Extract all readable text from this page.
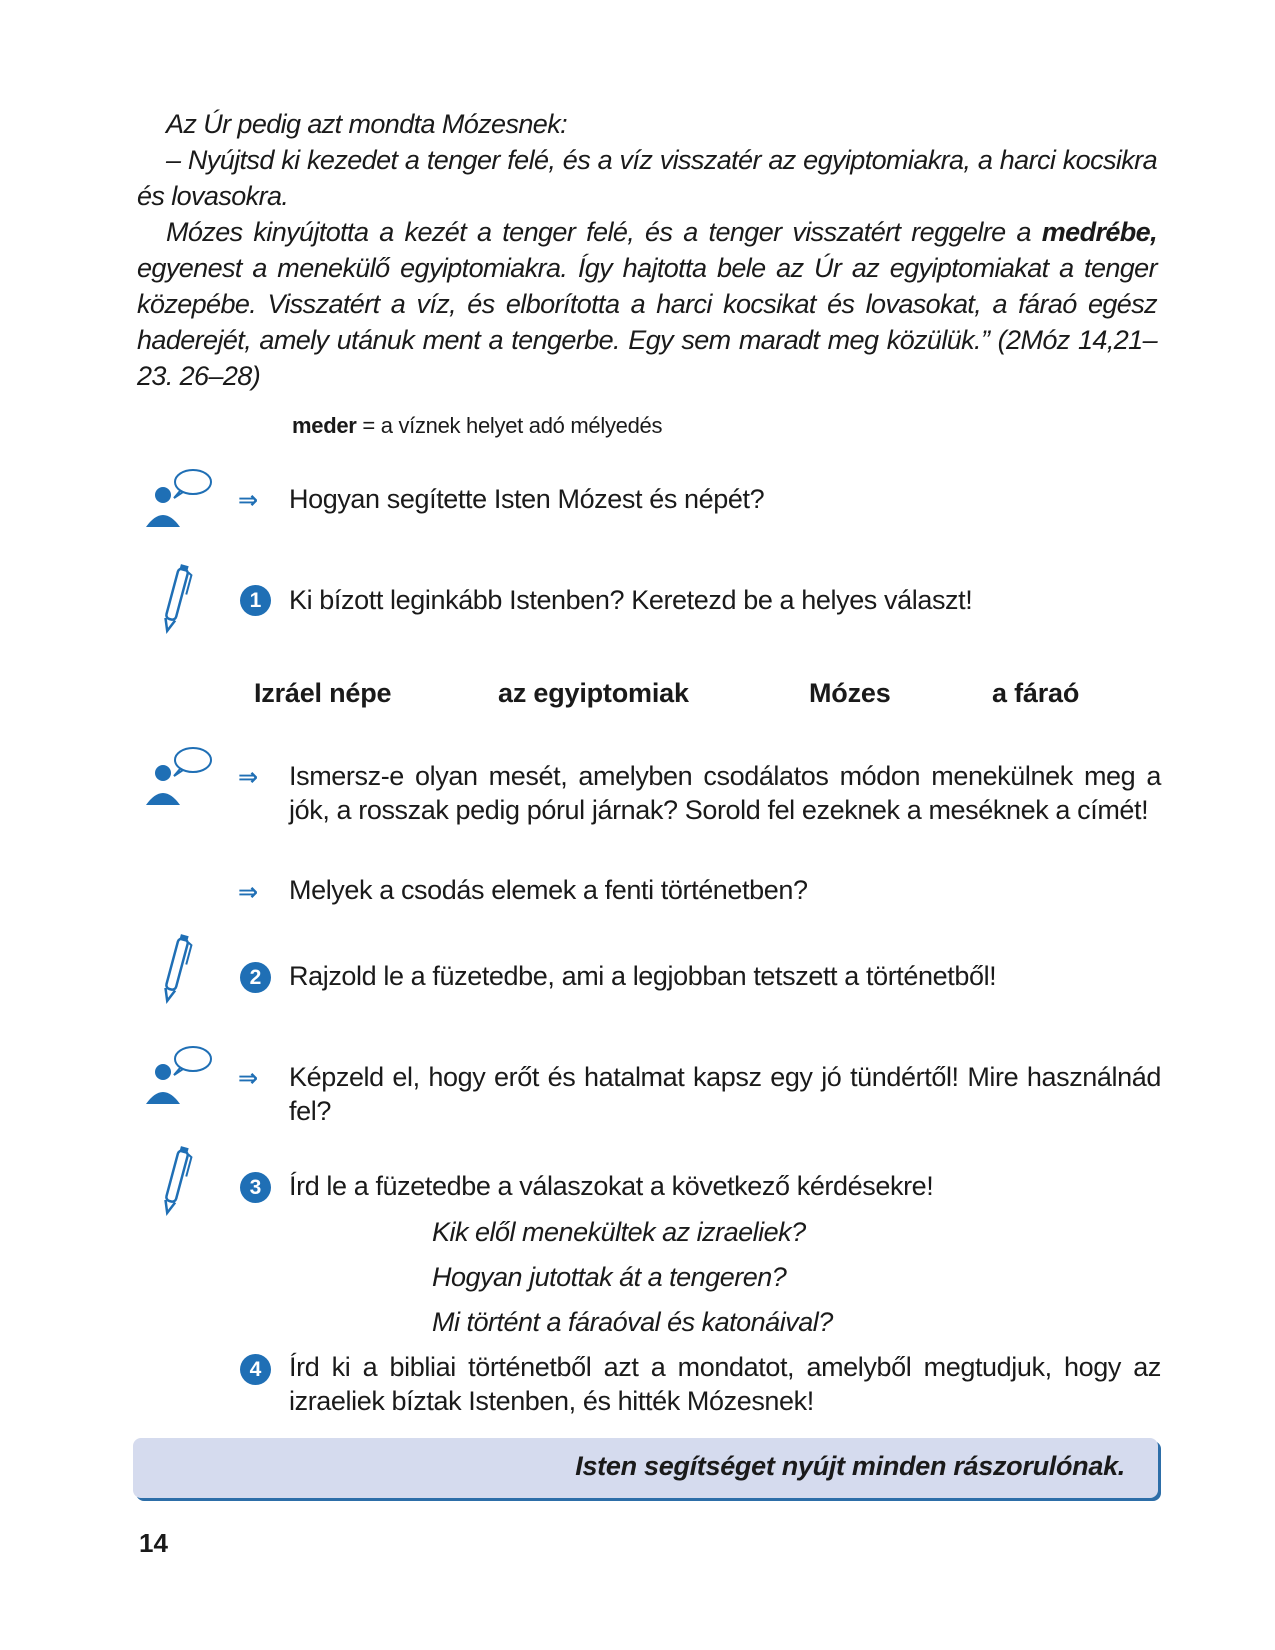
Az Úr pedig azt mondta Mózesnek:

– Nyújtsd ki kezedet a tenger felé, és a víz visszatér az egyiptomiakra, a harci kocsikra és lovasokra.

Mózes kinyújtotta a kezét a tenger felé, és a tenger visszatért reggelre a medrébe, egyenest a menekülő egyiptomiakra. Így hajtotta bele az Úr az egyiptomiakat a tenger közepébe. Visszatért a víz, és elborította a harci kocsikat és lovasokat, a fáraó egész haderejét, amely utánuk ment a tengerbe. Egy sem maradt meg közülük.” (2Móz 14,21–23. 26–28)

meder = a víznek helyet adó mélyedés
⇒ Hogyan segítette Isten Mózest és népét?
1	Ki bízott leginkább Istenben? Keretezd be a helyes választ!
Izráel népe	az egyiptomiak	Mózes	a fáraó
⇒ Ismersz-e olyan mesét, amelyben csodálatos módon menekülnek meg a jók, a rosszak pedig pórul járnak? Sorold fel ezeknek a meséknek a címét!
⇒ Melyek a csodás elemek a fenti történetben?
2	Rajzold le a füzetedbe, ami a legjobban tetszett a történetből!
⇒ Képzeld el, hogy erőt és hatalmat kapsz egy jó tündértől! Mire használnád fel?
3	Írd le a füzetedbe a válaszokat a következő kérdésekre!
Kik elől menekültek az izraeliek?
Hogyan jutottak át a tengeren?
Mi történt a fáraóval és katonáival?
4	Írd ki a bibliai történetből azt a mondatot, amelyből megtudjuk, hogy az izraeliek bíztak Istenben, és hitték Mózesnek!
Isten segítséget nyújt minden rászorulónak.
14
